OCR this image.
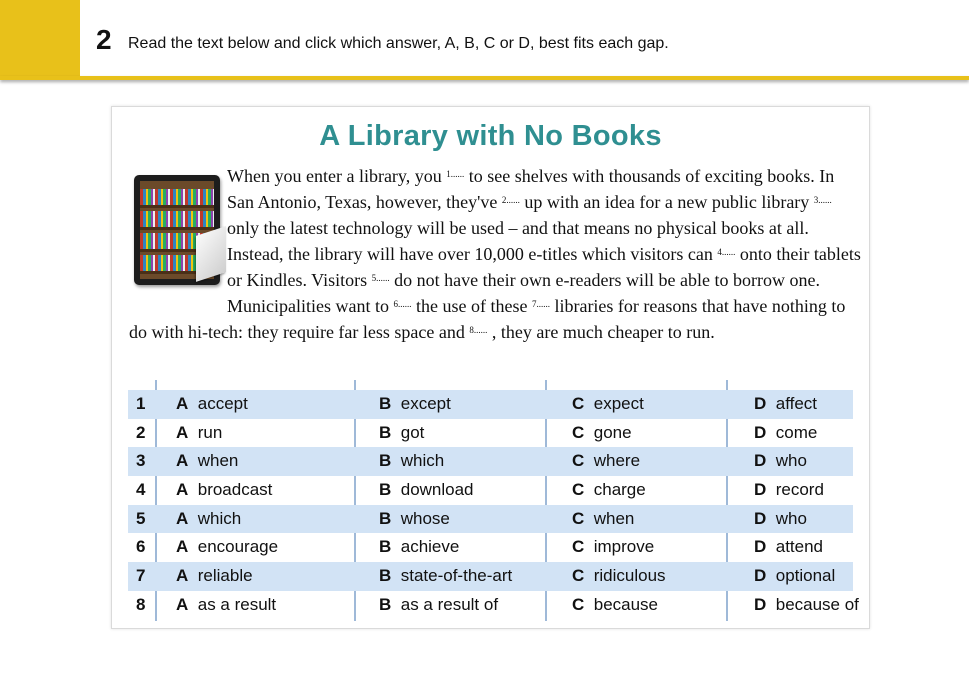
2 Read the text below and click which answer, A, B, C or D, best fits each gap.
A Library with No Books
When you enter a library, you $^{1......}$ to see shelves with thousands of exciting books. In San Antonio, Texas, however, they've $^{2......}$ up with an idea for a new public library $^{3......}$ only the latest technology will be used – and that means no physical books at all. Instead, the library will have over 10,000 e-titles which visitors can $^{4......}$ onto their tablets or Kindles. Visitors $^{5......}$ do not have their own e-readers will be able to borrow one. Municipalities want to $^{6......}$ the use of these $^{7......}$ libraries for reasons that have nothing to do with hi-tech: they require far less space and $^{8......}$ , they are much cheaper to run.
1 A accept	B except	C expect	D affect
2 A run	B got	C gone	D come
3 A when	B which	C where	D who
4 A broadcast	B download	C charge	D record
5 A which	B whose	C when	D who
6 A encourage	B achieve	C improve	D attend
7 A reliable	B state-of-the-art	C ridiculous	D optional
8 A as a result	B as a result of	C because	D because of
